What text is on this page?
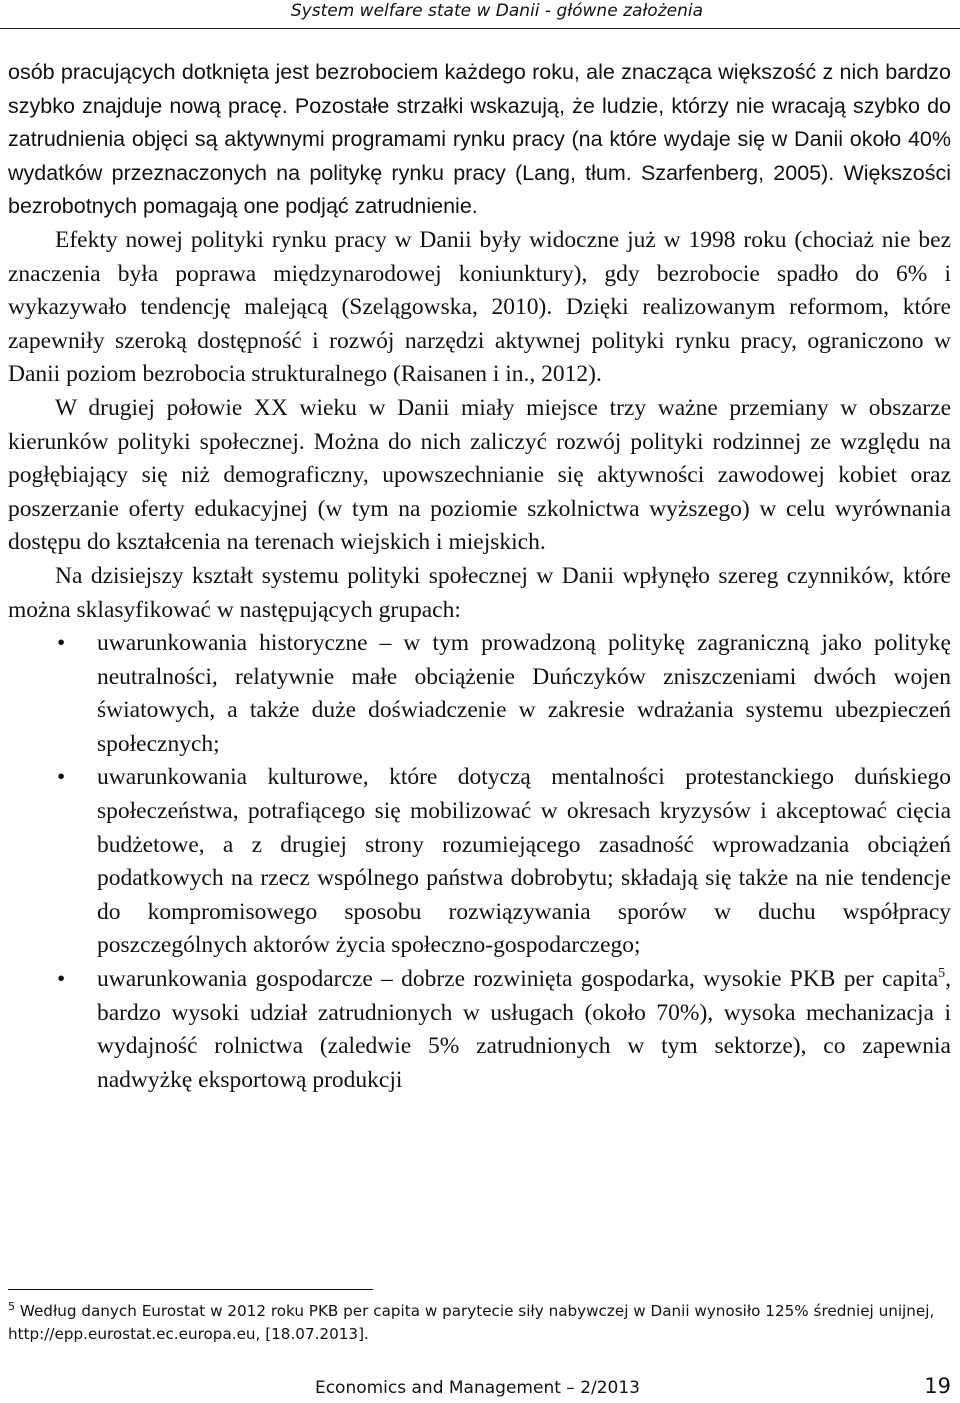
System welfare state w Danii - główne założenia

osób pracujących dotknięta jest bezrobociem każdego roku, ale znacząca większość z nich bardzo szybko znajduje nową pracę. Pozostałe strzałki wskazują, że ludzie, którzy nie wracają szybko do zatrudnienia objęci są aktywnymi programami rynku pracy (na które wydaje się w Danii około 40% wydatków przeznaczonych na politykę rynku pracy (Lang, tłum. Szarfenberg, 2005). Większości bezrobotnych pomagają one podjąć zatrudnienie.

Efekty nowej polityki rynku pracy w Danii były widoczne już w 1998 roku (chociaż nie bez znaczenia była poprawa międzynarodowej koniunktury), gdy bezrobocie spadło do 6% i wykazywało tendencję malejącą (Szelągowska, 2010). Dzięki realizowanym reformom, które zapewniły szeroką dostępność i rozwój narzędzi aktywnej polityki rynku pracy, ograniczono w Danii poziom bezrobocia strukturalnego (Raisanen i in., 2012).

W drugiej połowie XX wieku w Danii miały miejsce trzy ważne przemiany w obszarze kierunków polityki społecznej. Można do nich zaliczyć rozwój polityki rodzinnej ze względu na pogłębiający się niż demograficzny, upowszechnianie się aktywności zawodowej kobiet oraz poszerzanie oferty edukacyjnej (w tym na poziomie szkolnictwa wyższego) w celu wyrównania dostępu do kształcenia na terenach wiejskich i miejskich.

Na dzisiejszy kształt systemu polityki społecznej w Danii wpłynęło szereg czynników, które można sklasyfikować w następujących grupach:

•	uwarunkowania historyczne – w tym prowadzoną politykę zagraniczną jako politykę neutralności, relatywnie małe obciążenie Duńczyków zniszczeniami dwóch wojen światowych, a także duże doświadczenie w zakresie wdrażania systemu ubezpieczeń społecznych;
•	uwarunkowania kulturowe, które dotyczą mentalności protestanckiego duńskiego społeczeństwa, potrafiącego się mobilizować w okresach kryzysów i akceptować cięcia budżetowe, a z drugiej strony rozumiejącego zasadność wprowadzania obciążeń podatkowych na rzecz wspólnego państwa dobrobytu; składają się także na nie tendencje do kompromisowego sposobu rozwiązywania sporów w duchu współpracy poszczególnych aktorów życia społeczno-gospodarczego;
•	uwarunkowania gospodarcze – dobrze rozwinięta gospodarka, wysokie PKB per capita$^5$, bardzo wysoki udział zatrudnionych w usługach (około 70%), wysoka mechanizacja i wydajność rolnictwa (zaledwie 5% zatrudnionych w tym sektorze), co zapewnia nadwyżkę eksportową produkcji
$^5$ Według danych Eurostat w 2012 roku PKB per capita w parytecie siły nabywczej w Danii wynosiło 125% średniej unijnej, http://epp.eurostat.ec.europa.eu, [18.07.2013].
Economics and Management – 2/2013	19
